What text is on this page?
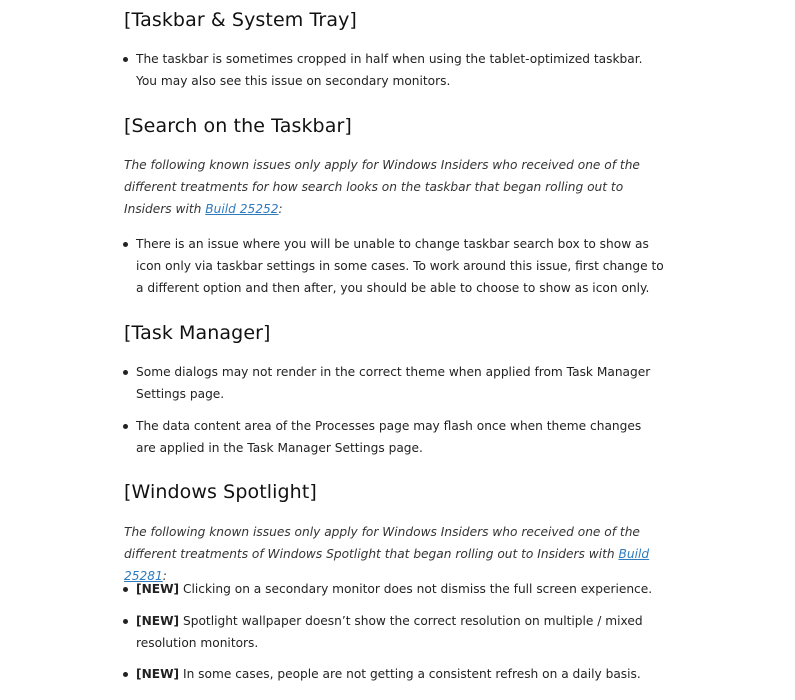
[Taskbar & System Tray]
The taskbar is sometimes cropped in half when using the tablet-optimized taskbar. You may also see this issue on secondary monitors.
[Search on the Taskbar]

The following known issues only apply for Windows Insiders who received one of the different treatments for how search looks on the taskbar that began rolling out to Insiders with Build 25252:

There is an issue where you will be unable to change taskbar search box to show as icon only via taskbar settings in some cases. To work around this issue, first change to a different option and then after, you should be able to choose to show as icon only.
[Task Manager]
Some dialogs may not render in the correct theme when applied from Task Manager Settings page.
The data content area of the Processes page may flash once when theme changes are applied in the Task Manager Settings page.
[Windows Spotlight]

The following known issues only apply for Windows Insiders who received one of the different treatments of Windows Spotlight that began rolling out to Insiders with Build 25281:

[NEW] Clicking on a secondary monitor does not dismiss the full screen experience.
[NEW] Spotlight wallpaper doesn’t show the correct resolution on multiple / mixed resolution monitors.
[NEW] In some cases, people are not getting a consistent refresh on a daily basis.
